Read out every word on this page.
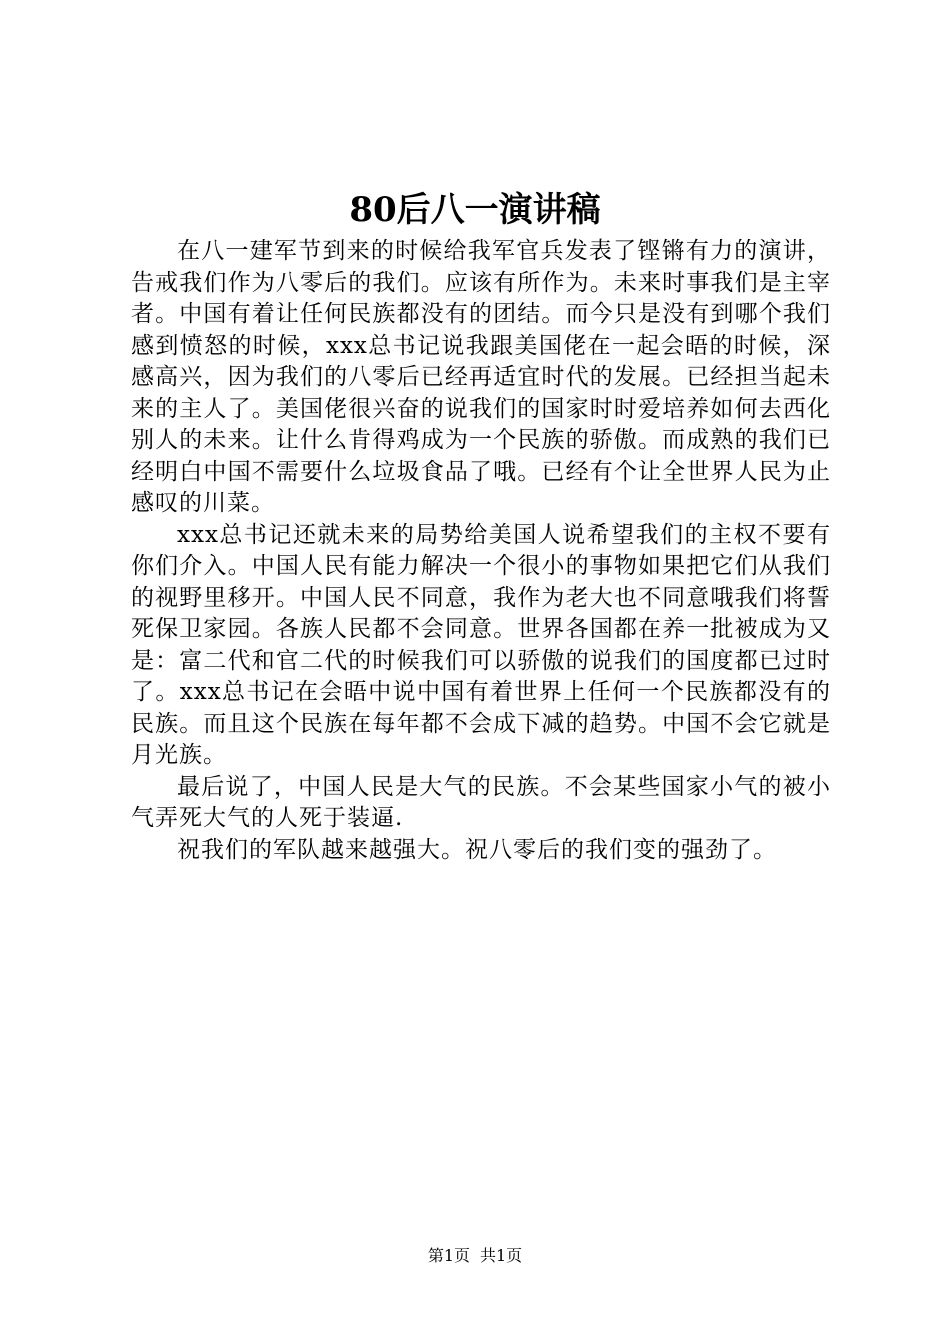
80后八一演讲稿

在八一建军节到来的时候给我军官兵发表了铿锵有力的演讲，告戒我们作为八零后的我们。应该有所作为。未来时事我们是主宰者。中国有着让任何民族都没有的团结。而今只是没有到哪个我们感到愤怒的时候，xxx总书记说我跟美国佬在一起会晤的时候，深感高兴，因为我们的八零后已经再适宜时代的发展。已经担当起未来的主人了。美国佬很兴奋的说我们的国家时时爱培养如何去西化别人的未来。让什么肯得鸡成为一个民族的骄傲。而成熟的我们已经明白中国不需要什么垃圾食品了哦。已经有个让全世界人民为止感叹的川菜。

xxx总书记还就未来的局势给美国人说希望我们的主权不要有你们介入。中国人民有能力解决一个很小的事物如果把它们从我们的视野里移开。中国人民不同意，我作为老大也不同意哦我们将誓死保卫家园。各族人民都不会同意。世界各国都在养一批被成为又是：富二代和官二代的时候我们可以骄傲的说我们的国度都已过时了。xxx总书记在会晤中说中国有着世界上任何一个民族都没有的民族。而且这个民族在每年都不会成下减的趋势。中国不会它就是月光族。

最后说了，中国人民是大气的民族。不会某些国家小气的被小气弄死大气的人死于装逼.

祝我们的军队越来越强大。祝八零后的我们变的强劲了。

第1页 共1页
